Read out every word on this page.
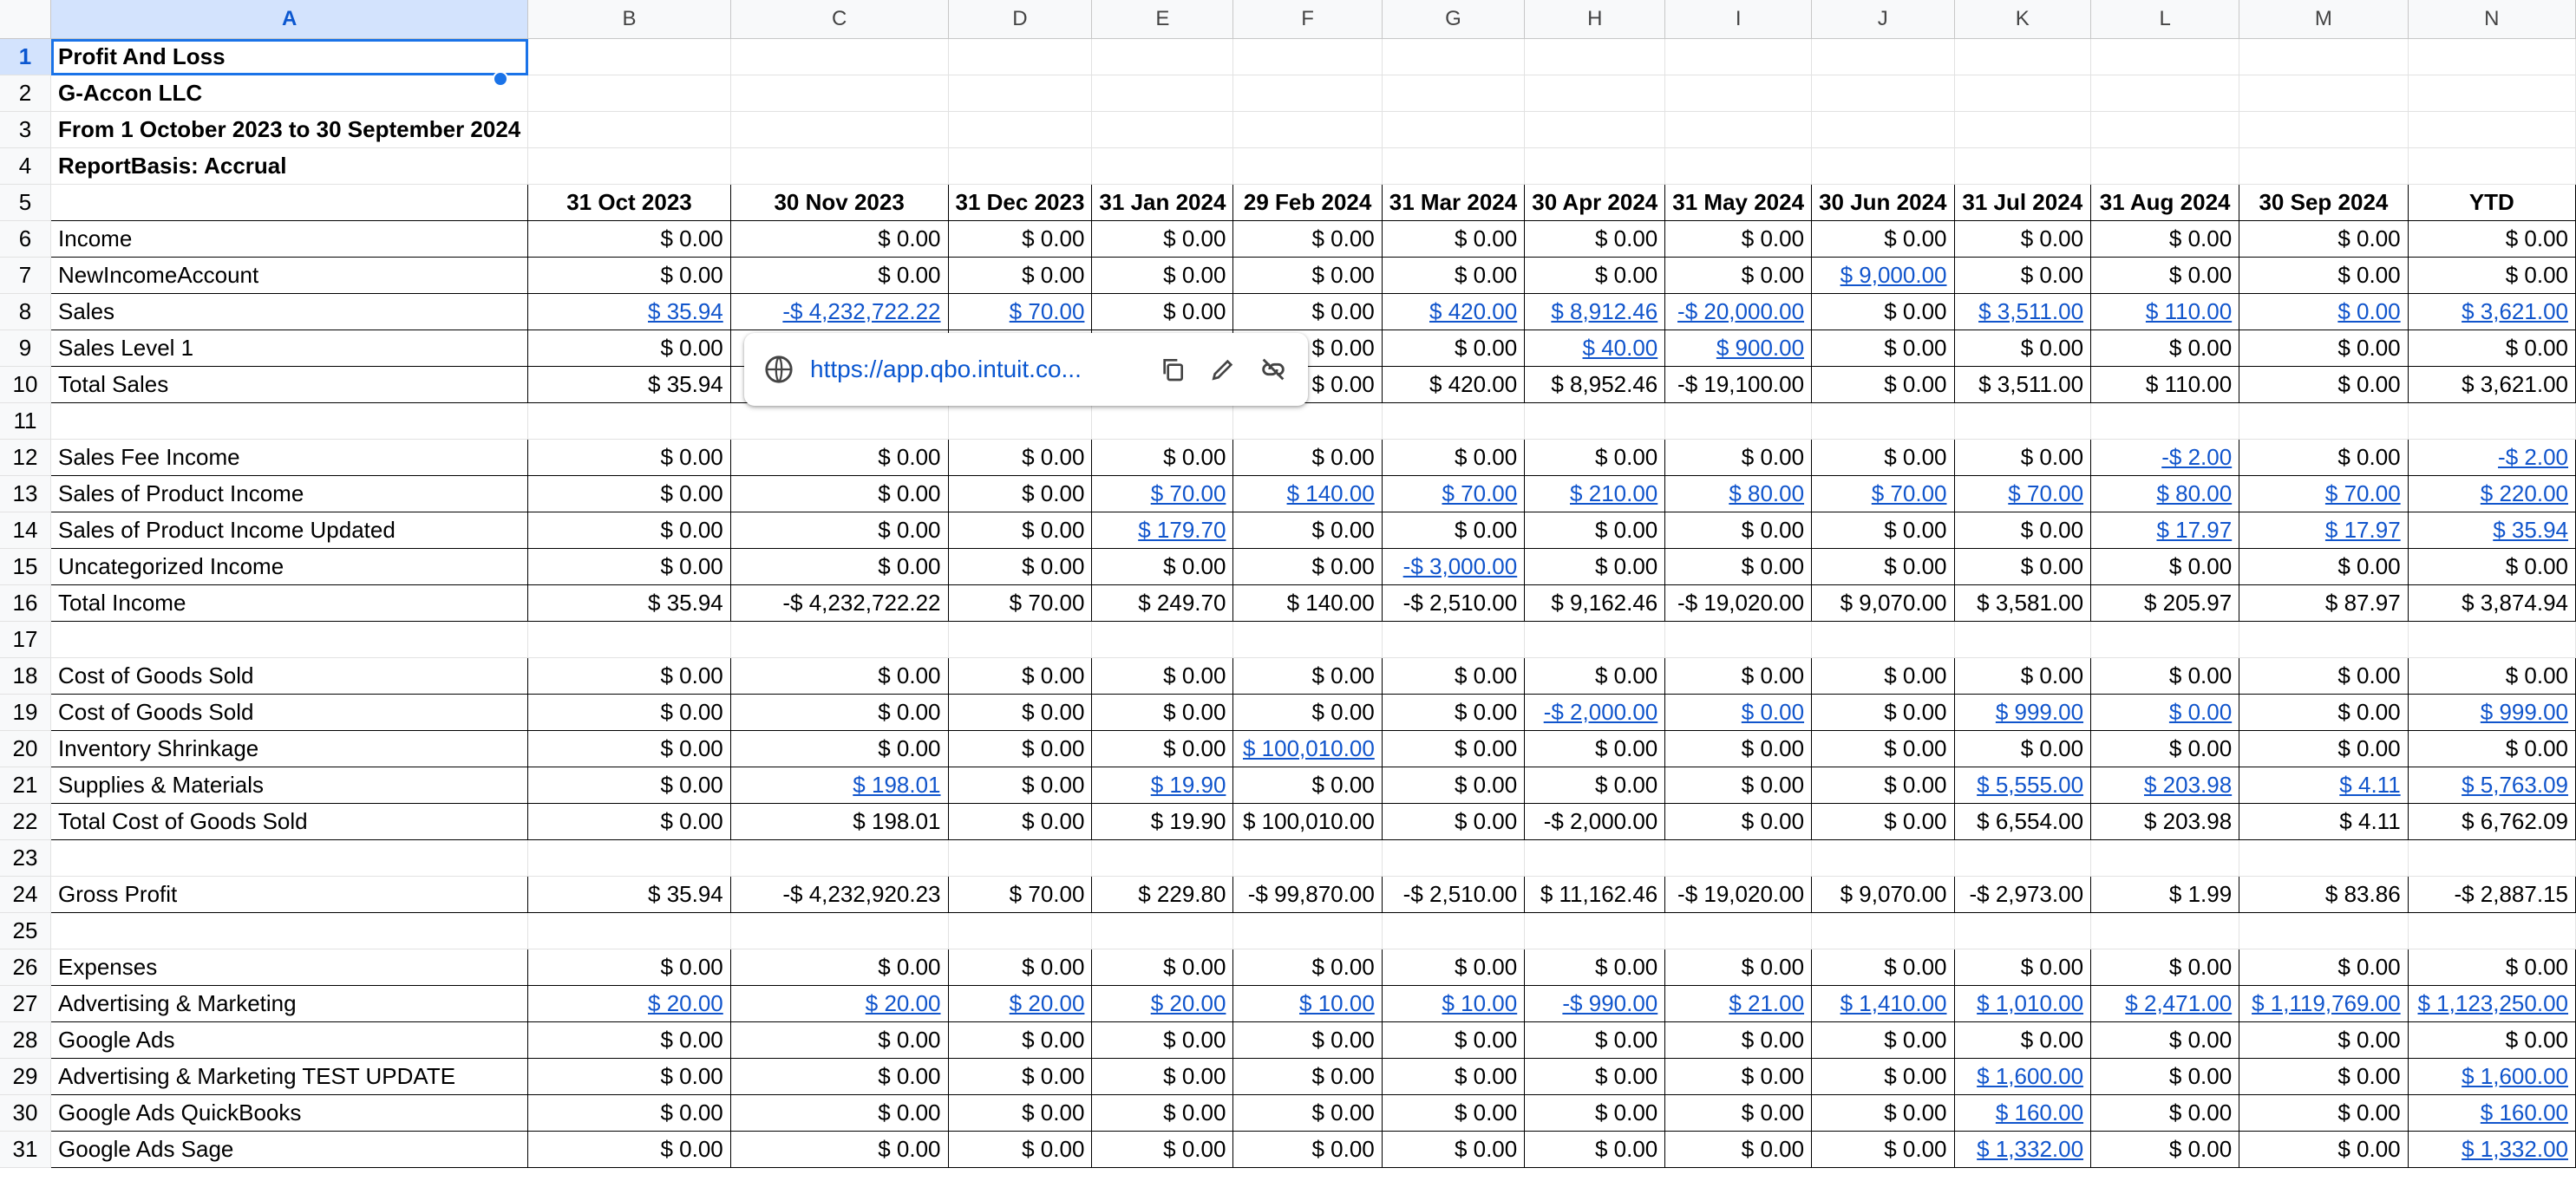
	A	B	C	D	E	F	G	H	I	J	K	L	M	N
1	Profit And Loss													
2	G-Accon LLC													
3	From 1 October 2023 to 30 September 2024													
4	ReportBasis: Accrual													
5		31 Oct 2023	30 Nov 2023	31 Dec 2023	31 Jan 2024	29 Feb 2024	31 Mar 2024	30 Apr 2024	31 May 2024	30 Jun 2024	31 Jul 2024	31 Aug 2024	30 Sep 2024	YTD
6	Income	$ 0.00	$ 0.00	$ 0.00	$ 0.00	$ 0.00	$ 0.00	$ 0.00	$ 0.00	$ 0.00	$ 0.00	$ 0.00	$ 0.00	$ 0.00
7	NewIncomeAccount	$ 0.00	$ 0.00	$ 0.00	$ 0.00	$ 0.00	$ 0.00	$ 0.00	$ 0.00	$ 9,000.00	$ 0.00	$ 0.00	$ 0.00	$ 0.00
8	Sales	$ 35.94	-$ 4,232,722.22	$ 70.00	$ 0.00	$ 0.00	$ 420.00	$ 8,912.46	-$ 20,000.00	$ 0.00	$ 3,511.00	$ 110.00	$ 0.00	$ 3,621.00
9	Sales Level 1	$ 0.00				$ 0.00	$ 0.00	$ 40.00	$ 900.00	$ 0.00	$ 0.00	$ 0.00	$ 0.00	$ 0.00
10	Total Sales	$ 35.94				$ 0.00	$ 420.00	$ 8,952.46	-$ 19,100.00	$ 0.00	$ 3,511.00	$ 110.00	$ 0.00	$ 3,621.00
11														
12	Sales Fee Income	$ 0.00	$ 0.00	$ 0.00	$ 0.00	$ 0.00	$ 0.00	$ 0.00	$ 0.00	$ 0.00	$ 0.00	-$ 2.00	$ 0.00	-$ 2.00
13	Sales of Product Income	$ 0.00	$ 0.00	$ 0.00	$ 70.00	$ 140.00	$ 70.00	$ 210.00	$ 80.00	$ 70.00	$ 70.00	$ 80.00	$ 70.00	$ 220.00
14	Sales of Product Income Updated	$ 0.00	$ 0.00	$ 0.00	$ 179.70	$ 0.00	$ 0.00	$ 0.00	$ 0.00	$ 0.00	$ 0.00	$ 17.97	$ 17.97	$ 35.94
15	Uncategorized Income	$ 0.00	$ 0.00	$ 0.00	$ 0.00	$ 0.00	-$ 3,000.00	$ 0.00	$ 0.00	$ 0.00	$ 0.00	$ 0.00	$ 0.00	$ 0.00
16	Total Income	$ 35.94	-$ 4,232,722.22	$ 70.00	$ 249.70	$ 140.00	-$ 2,510.00	$ 9,162.46	-$ 19,020.00	$ 9,070.00	$ 3,581.00	$ 205.97	$ 87.97	$ 3,874.94
17														
18	Cost of Goods Sold	$ 0.00	$ 0.00	$ 0.00	$ 0.00	$ 0.00	$ 0.00	$ 0.00	$ 0.00	$ 0.00	$ 0.00	$ 0.00	$ 0.00	$ 0.00
19	Cost of Goods Sold	$ 0.00	$ 0.00	$ 0.00	$ 0.00	$ 0.00	$ 0.00	-$ 2,000.00	$ 0.00	$ 0.00	$ 999.00	$ 0.00	$ 0.00	$ 999.00
20	Inventory Shrinkage	$ 0.00	$ 0.00	$ 0.00	$ 0.00	$ 100,010.00	$ 0.00	$ 0.00	$ 0.00	$ 0.00	$ 0.00	$ 0.00	$ 0.00	$ 0.00
21	Supplies & Materials	$ 0.00	$ 198.01	$ 0.00	$ 19.90	$ 0.00	$ 0.00	$ 0.00	$ 0.00	$ 0.00	$ 5,555.00	$ 203.98	$ 4.11	$ 5,763.09
22	Total Cost of Goods Sold	$ 0.00	$ 198.01	$ 0.00	$ 19.90	$ 100,010.00	$ 0.00	-$ 2,000.00	$ 0.00	$ 0.00	$ 6,554.00	$ 203.98	$ 4.11	$ 6,762.09
23														
24	Gross Profit	$ 35.94	-$ 4,232,920.23	$ 70.00	$ 229.80	-$ 99,870.00	-$ 2,510.00	$ 11,162.46	-$ 19,020.00	$ 9,070.00	-$ 2,973.00	$ 1.99	$ 83.86	-$ 2,887.15
25														
26	Expenses	$ 0.00	$ 0.00	$ 0.00	$ 0.00	$ 0.00	$ 0.00	$ 0.00	$ 0.00	$ 0.00	$ 0.00	$ 0.00	$ 0.00	$ 0.00
27	Advertising & Marketing	$ 20.00	$ 20.00	$ 20.00	$ 20.00	$ 10.00	$ 10.00	-$ 990.00	$ 21.00	$ 1,410.00	$ 1,010.00	$ 2,471.00	$ 1,119,769.00	$ 1,123,250.00
28	Google Ads	$ 0.00	$ 0.00	$ 0.00	$ 0.00	$ 0.00	$ 0.00	$ 0.00	$ 0.00	$ 0.00	$ 0.00	$ 0.00	$ 0.00	$ 0.00
29	Advertising & Marketing TEST UPDATE	$ 0.00	$ 0.00	$ 0.00	$ 0.00	$ 0.00	$ 0.00	$ 0.00	$ 0.00	$ 0.00	$ 1,600.00	$ 0.00	$ 0.00	$ 1,600.00
30	Google Ads QuickBooks	$ 0.00	$ 0.00	$ 0.00	$ 0.00	$ 0.00	$ 0.00	$ 0.00	$ 0.00	$ 0.00	$ 160.00	$ 0.00	$ 0.00	$ 160.00
31	Google Ads Sage	$ 0.00	$ 0.00	$ 0.00	$ 0.00	$ 0.00	$ 0.00	$ 0.00	$ 0.00	$ 0.00	$ 1,332.00	$ 0.00	$ 0.00	$ 1,332.00
https://app.qbo.intuit.co...
